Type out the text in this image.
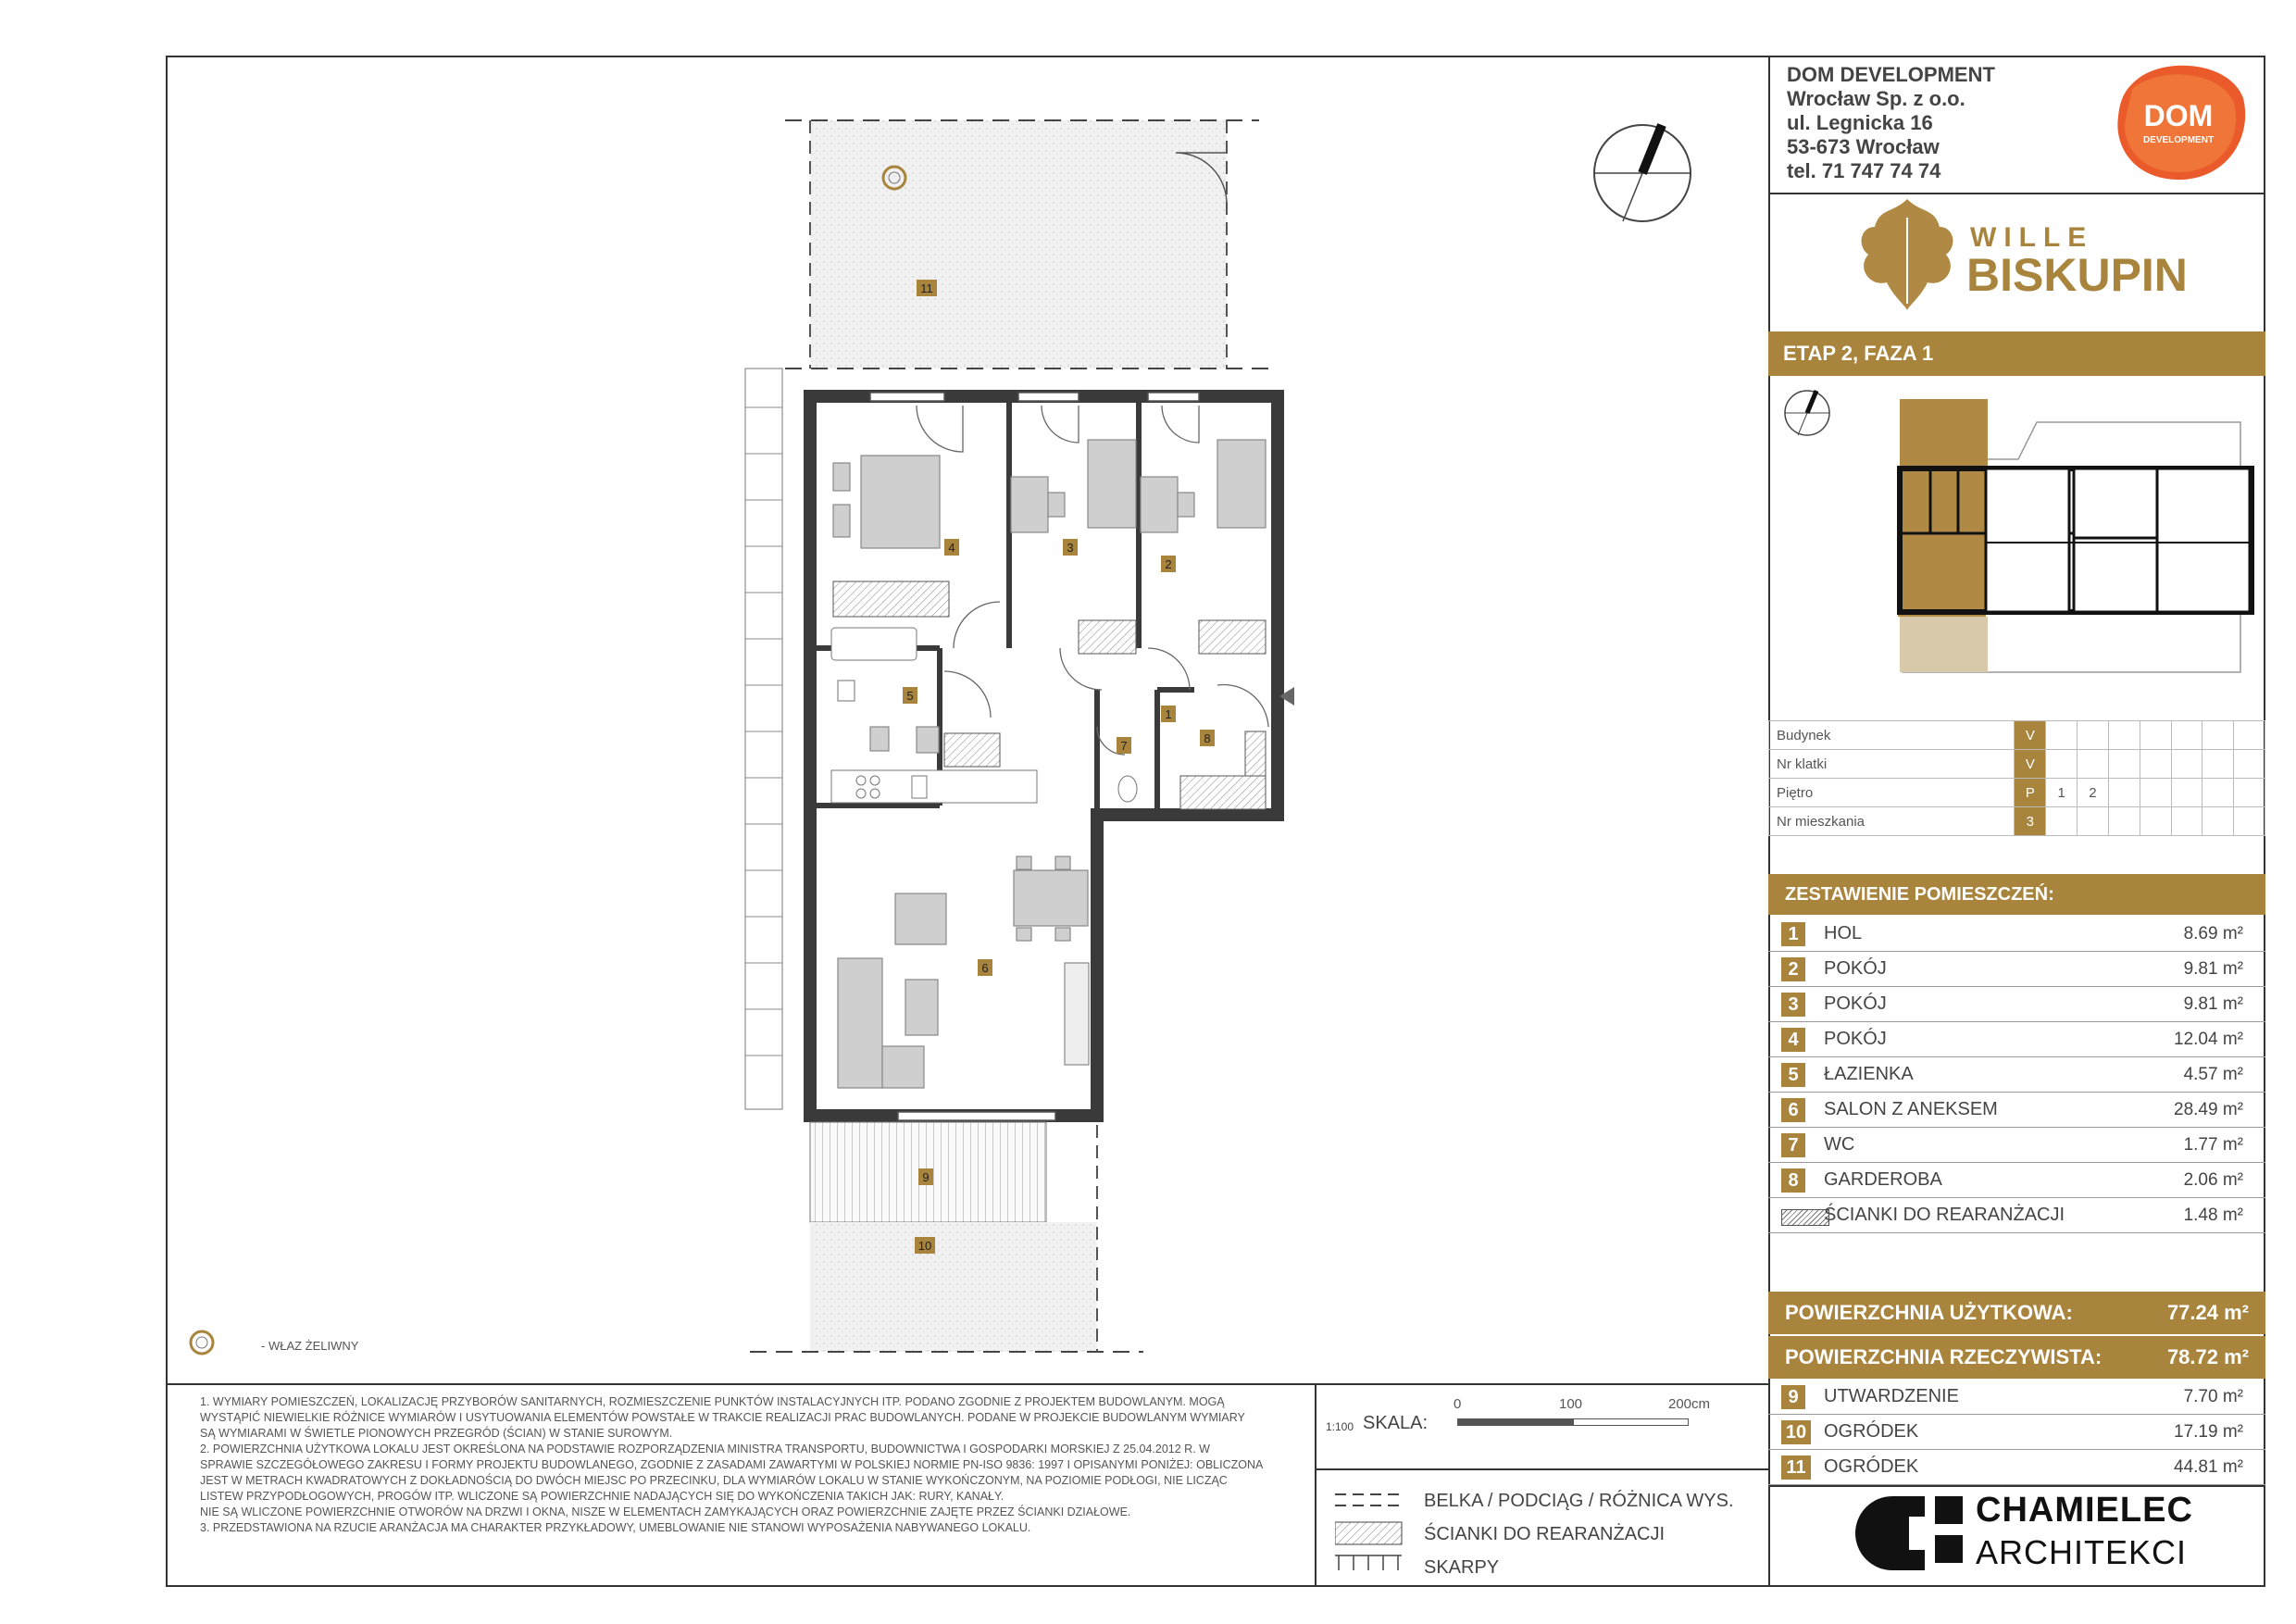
1
2
3
4
5
6
7
8
9
10
11
- WŁAZ ŻELIWNY
DOM DEVELOPMENT
Wrocław Sp. z o.o.
ul. Legnicka 16
53-673 Wrocław
tel. 71 747 74 74
DOM
DEVELOPMENT
WILLE
BISKUPIN
ETAP 2, FAZA 1
Budynek	V							
Nr klatki	V							
Piętro	P	1	2					
Nr mieszkania	3							
ZESTAWIENIE POMIESZCZEŃ:
1	HOL	8.69 m²
2	POKÓJ	9.81 m²
3	POKÓJ	9.81 m²
4	POKÓJ	12.04 m²
5	ŁAZIENKA	4.57 m²
6	SALON Z ANEKSEM	28.49 m²
7	WC	1.77 m²
8	GARDEROBA	2.06 m²
ŚCIANKI DO REARANŻACJI	1.48 m²
POWIERZCHNIA UŻYTKOWA:	77.24 m²
POWIERZCHNIA RZECZYWISTA:	78.72 m²
9	UTWARDZENIE	7.70 m²
10 OGRÓDEK	17.19 m²
11 OGRÓDEK	44.81 m²
CHAMIELEC
ARCHITEKCI
1. WYMIARY POMIESZCZEŃ, LOKALIZACJĘ PRZYBORÓW SANITARNYCH, ROZMIESZCZENIE PUNKTÓW INSTALACYJNYCH ITP. PODANO ZGODNIE Z PROJEKTEM BUDOWLANYM. MOGĄ
WYSTĄPIĆ NIEWIELKIE RÓŻNICE WYMIARÓW I USYTUOWANIA ELEMENTÓW POWSTAŁE W TRAKCIE REALIZACJI PRAC BUDOWLANYCH. PODANE W PROJEKCIE BUDOWLANYM WYMIARY
SĄ WYMIARAMI W ŚWIETLE PIONOWYCH PRZEGRÓD (ŚCIAN) W STANIE SUROWYM.
2. POWIERZCHNIA UŻYTKOWA LOKALU JEST OKREŚLONA NA PODSTAWIE ROZPORZĄDZENIA MINISTRA TRANSPORTU, BUDOWNICTWA I GOSPODARKI MORSKIEJ Z 25.04.2012 R. W
SPRAWIE SZCZEGÓŁOWEGO ZAKRESU I FORMY PROJEKTU BUDOWLANEGO, ZGODNIE Z ZASADAMI ZAWARTYMI W POLSKIEJ NORMIE PN-ISO 9836: 1997 I OPISANYMI PONIŻEJ: OBLICZONA
JEST W METRACH KWADRATOWYCH Z DOKŁADNOŚCIĄ DO DWÓCH MIEJSC PO PRZECINKU, DLA WYMIARÓW LOKALU W STANIE WYKOŃCZONYM, NA POZIOMIE PODŁOGI, NIE LICZĄC
LISTEW PRZYPODŁOGOWYCH, PROGÓW ITP. WLICZONE SĄ POWIERZCHNIE NADAJĄCYCH SIĘ DO WYKOŃCZENIA TAKICH JAK: RURY, KANAŁY.
NIE SĄ WLICZONE POWIERZCHNIE OTWORÓW NA DRZWI I OKNA, NISZE W ELEMENTACH ZAMYKAJĄCYCH ORAZ POWIERZCHNIE ZAJĘTE PRZEZ ŚCIANKI DZIAŁOWE.
3. PRZEDSTAWIONA NA RZUCIE ARANŻACJA MA CHARAKTER PRZYKŁADOWY, UMEBLOWANIE NIE STANOWI WYPOSAŻENIA NABYWANEGO LOKALU.
1:100 SKALA:
0	100	200cm
BELKA / PODCIĄG / RÓŻNICA WYS.
ŚCIANKI DO REARANŻACJI
SKARPY
